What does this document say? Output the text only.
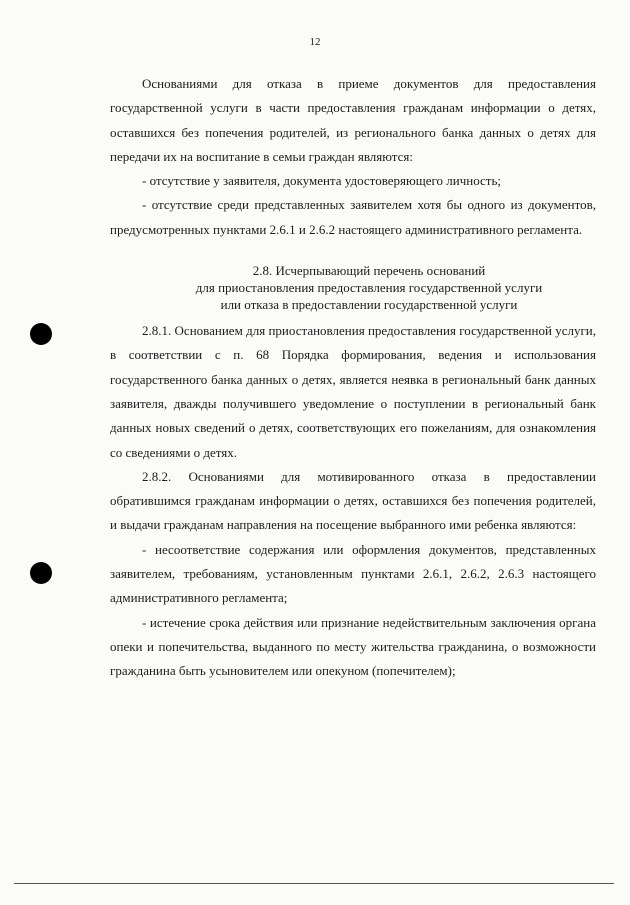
12

Основаниями для отказа в приеме документов для предоставления государственной услуги в части предоставления гражданам информации о детях, оставшихся без попечения родителей, из регионального банка данных о детях для передачи их на воспитание в семьи граждан являются:

- отсутствие у заявителя, документа удостоверяющего личность;

- отсутствие среди представленных заявителем хотя бы одного из документов, предусмотренных пунктами 2.6.1 и 2.6.2 настоящего административного регламента.

2.8. Исчерпывающий перечень оснований
для приостановления предоставления государственной услуги
или отказа в предоставлении государственной услуги

2.8.1. Основанием для приостановления предоставления государственной услуги, в соответствии с п. 68 Порядка формирования, ведения и использования государственного банка данных о детях, является неявка в региональный банк данных заявителя, дважды получившего уведомление о поступлении в региональный банк данных новых сведений о детях, соответствующих его пожеланиям, для ознакомления со сведениями о детях.

2.8.2. Основаниями для мотивированного отказа в предоставлении обратившимся гражданам информации о детях, оставшихся без попечения родителей, и выдачи гражданам направления на посещение выбранного ими ребенка являются:

- несоответствие содержания или оформления документов, представленных заявителем, требованиям, установленным пунктами 2.6.1, 2.6.2, 2.6.3 настоящего административного регламента;

- истечение срока действия или признание недействительным заключения органа опеки и попечительства, выданного по месту жительства гражданина, о возможности гражданина быть усыновителем или опекуном (попечителем);
